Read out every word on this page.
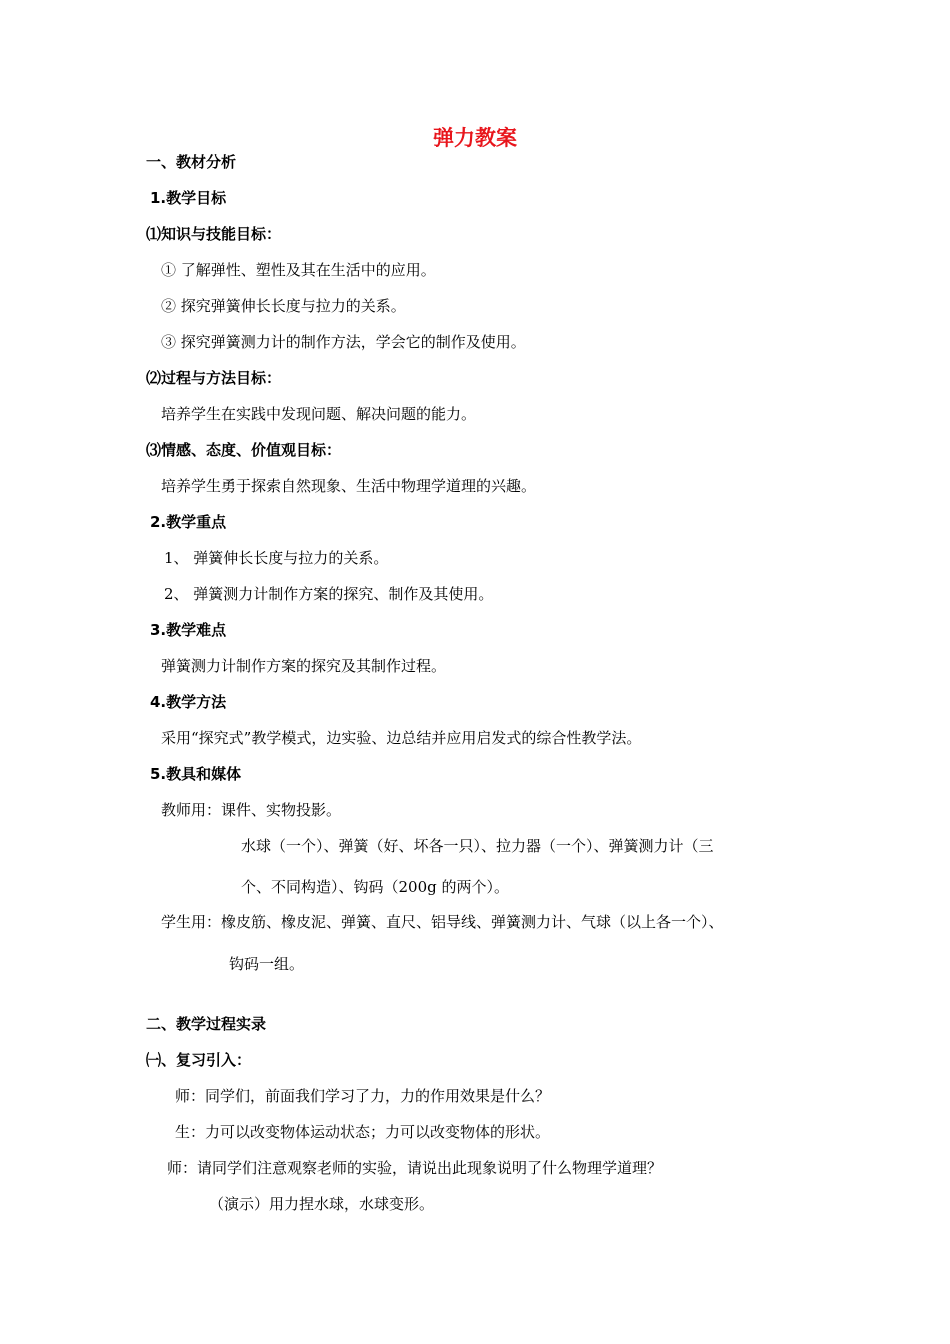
弹力教案
一、教材分析
1.教学目标
⑴知识与技能目标：
① 了解弹性、塑性及其在生活中的应用。
② 探究弹簧伸长长度与拉力的关系。
③ 探究弹簧测力计的制作方法，学会它的制作及使用。
⑵过程与方法目标：
培养学生在实践中发现问题、解决问题的能力。
⑶情感、态度、价值观目标：
培养学生勇于探索自然现象、生活中物理学道理的兴趣。
2.教学重点
1、 弹簧伸长长度与拉力的关系。
2、 弹簧测力计制作方案的探究、制作及其使用。
3.教学难点
弹簧测力计制作方案的探究及其制作过程。
4.教学方法
采用“探究式”教学模式，边实验、边总结并应用启发式的综合性教学法。
5.教具和媒体
教师用：课件、实物投影。
水球（一个）、弹簧（好、坏各一只）、拉力器（一个）、弹簧测力计（三
个、不同构造）、钩码（200g 的两个）。
学生用：橡皮筋、橡皮泥、弹簧、直尺、铝导线、弹簧测力计、气球（以上各一个）、
钩码一组。
二、教学过程实录
㈠、复习引入：
师：同学们，前面我们学习了力，力的作用效果是什么？
生：力可以改变物体运动状态；力可以改变物体的形状。
师：请同学们注意观察老师的实验，请说出此现象说明了什么物理学道理？
（演示）用力捏水球，水球变形。
